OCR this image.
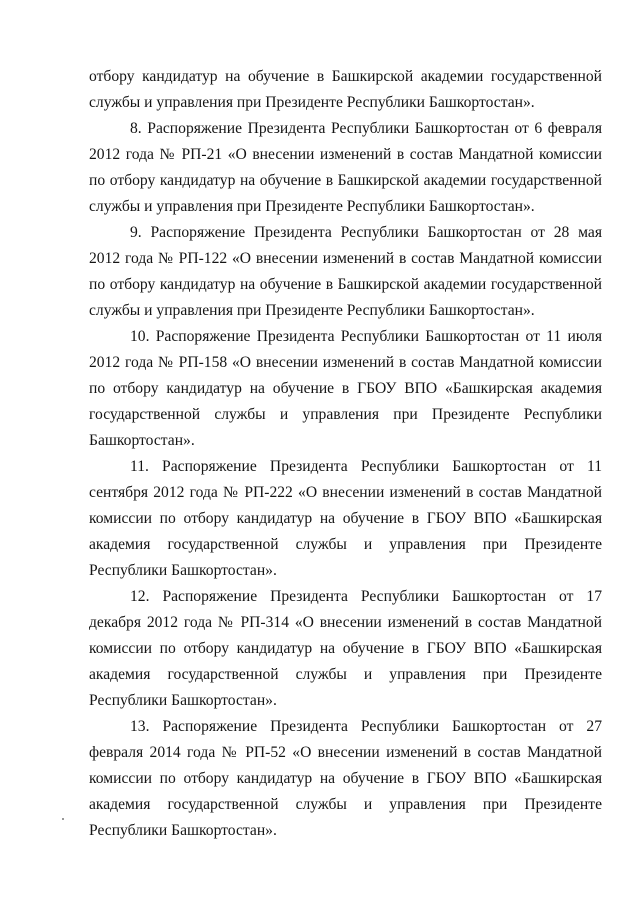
отбору кандидатур на обучение в Башкирской академии государственной службы и управления при Президенте Республики Башкортостан».

8. Распоряжение Президента Республики Башкортостан от 6 февраля 2012 года № РП-21 «О внесении изменений в состав Мандатной комиссии по отбору кандидатур на обучение в Башкирской академии государственной службы и управления при Президенте Республики Башкортостан».

9. Распоряжение Президента Республики Башкортостан от 28 мая 2012 года № РП-122 «О внесении изменений в состав Мандатной комиссии по отбору кандидатур на обучение в Башкирской академии государственной службы и управления при Президенте Республики Башкортостан».

10. Распоряжение Президента Республики Башкортостан от 11 июля 2012 года № РП-158 «О внесении изменений в состав Мандатной комиссии по отбору кандидатур на обучение в ГБОУ ВПО «Башкирская академия государственной службы и управления при Президенте Республики Башкортостан».

11. Распоряжение Президента Республики Башкортостан от 11 сентября 2012 года № РП-222 «О внесении изменений в состав Мандатной комиссии по отбору кандидатур на обучение в ГБОУ ВПО «Башкирская академия государственной службы и управления при Президенте Республики Башкортостан».

12. Распоряжение Президента Республики Башкортостан от 17 декабря 2012 года № РП-314 «О внесении изменений в состав Мандатной комиссии по отбору кандидатур на обучение в ГБОУ ВПО «Башкирская академия государственной службы и управления при Президенте Республики Башкортостан».

13. Распоряжение Президента Республики Башкортостан от 27 февраля 2014 года № РП-52 «О внесении изменений в состав Мандатной комиссии по отбору кандидатур на обучение в ГБОУ ВПО «Башкирская академия государственной службы и управления при Президенте Республики Башкортостан».
